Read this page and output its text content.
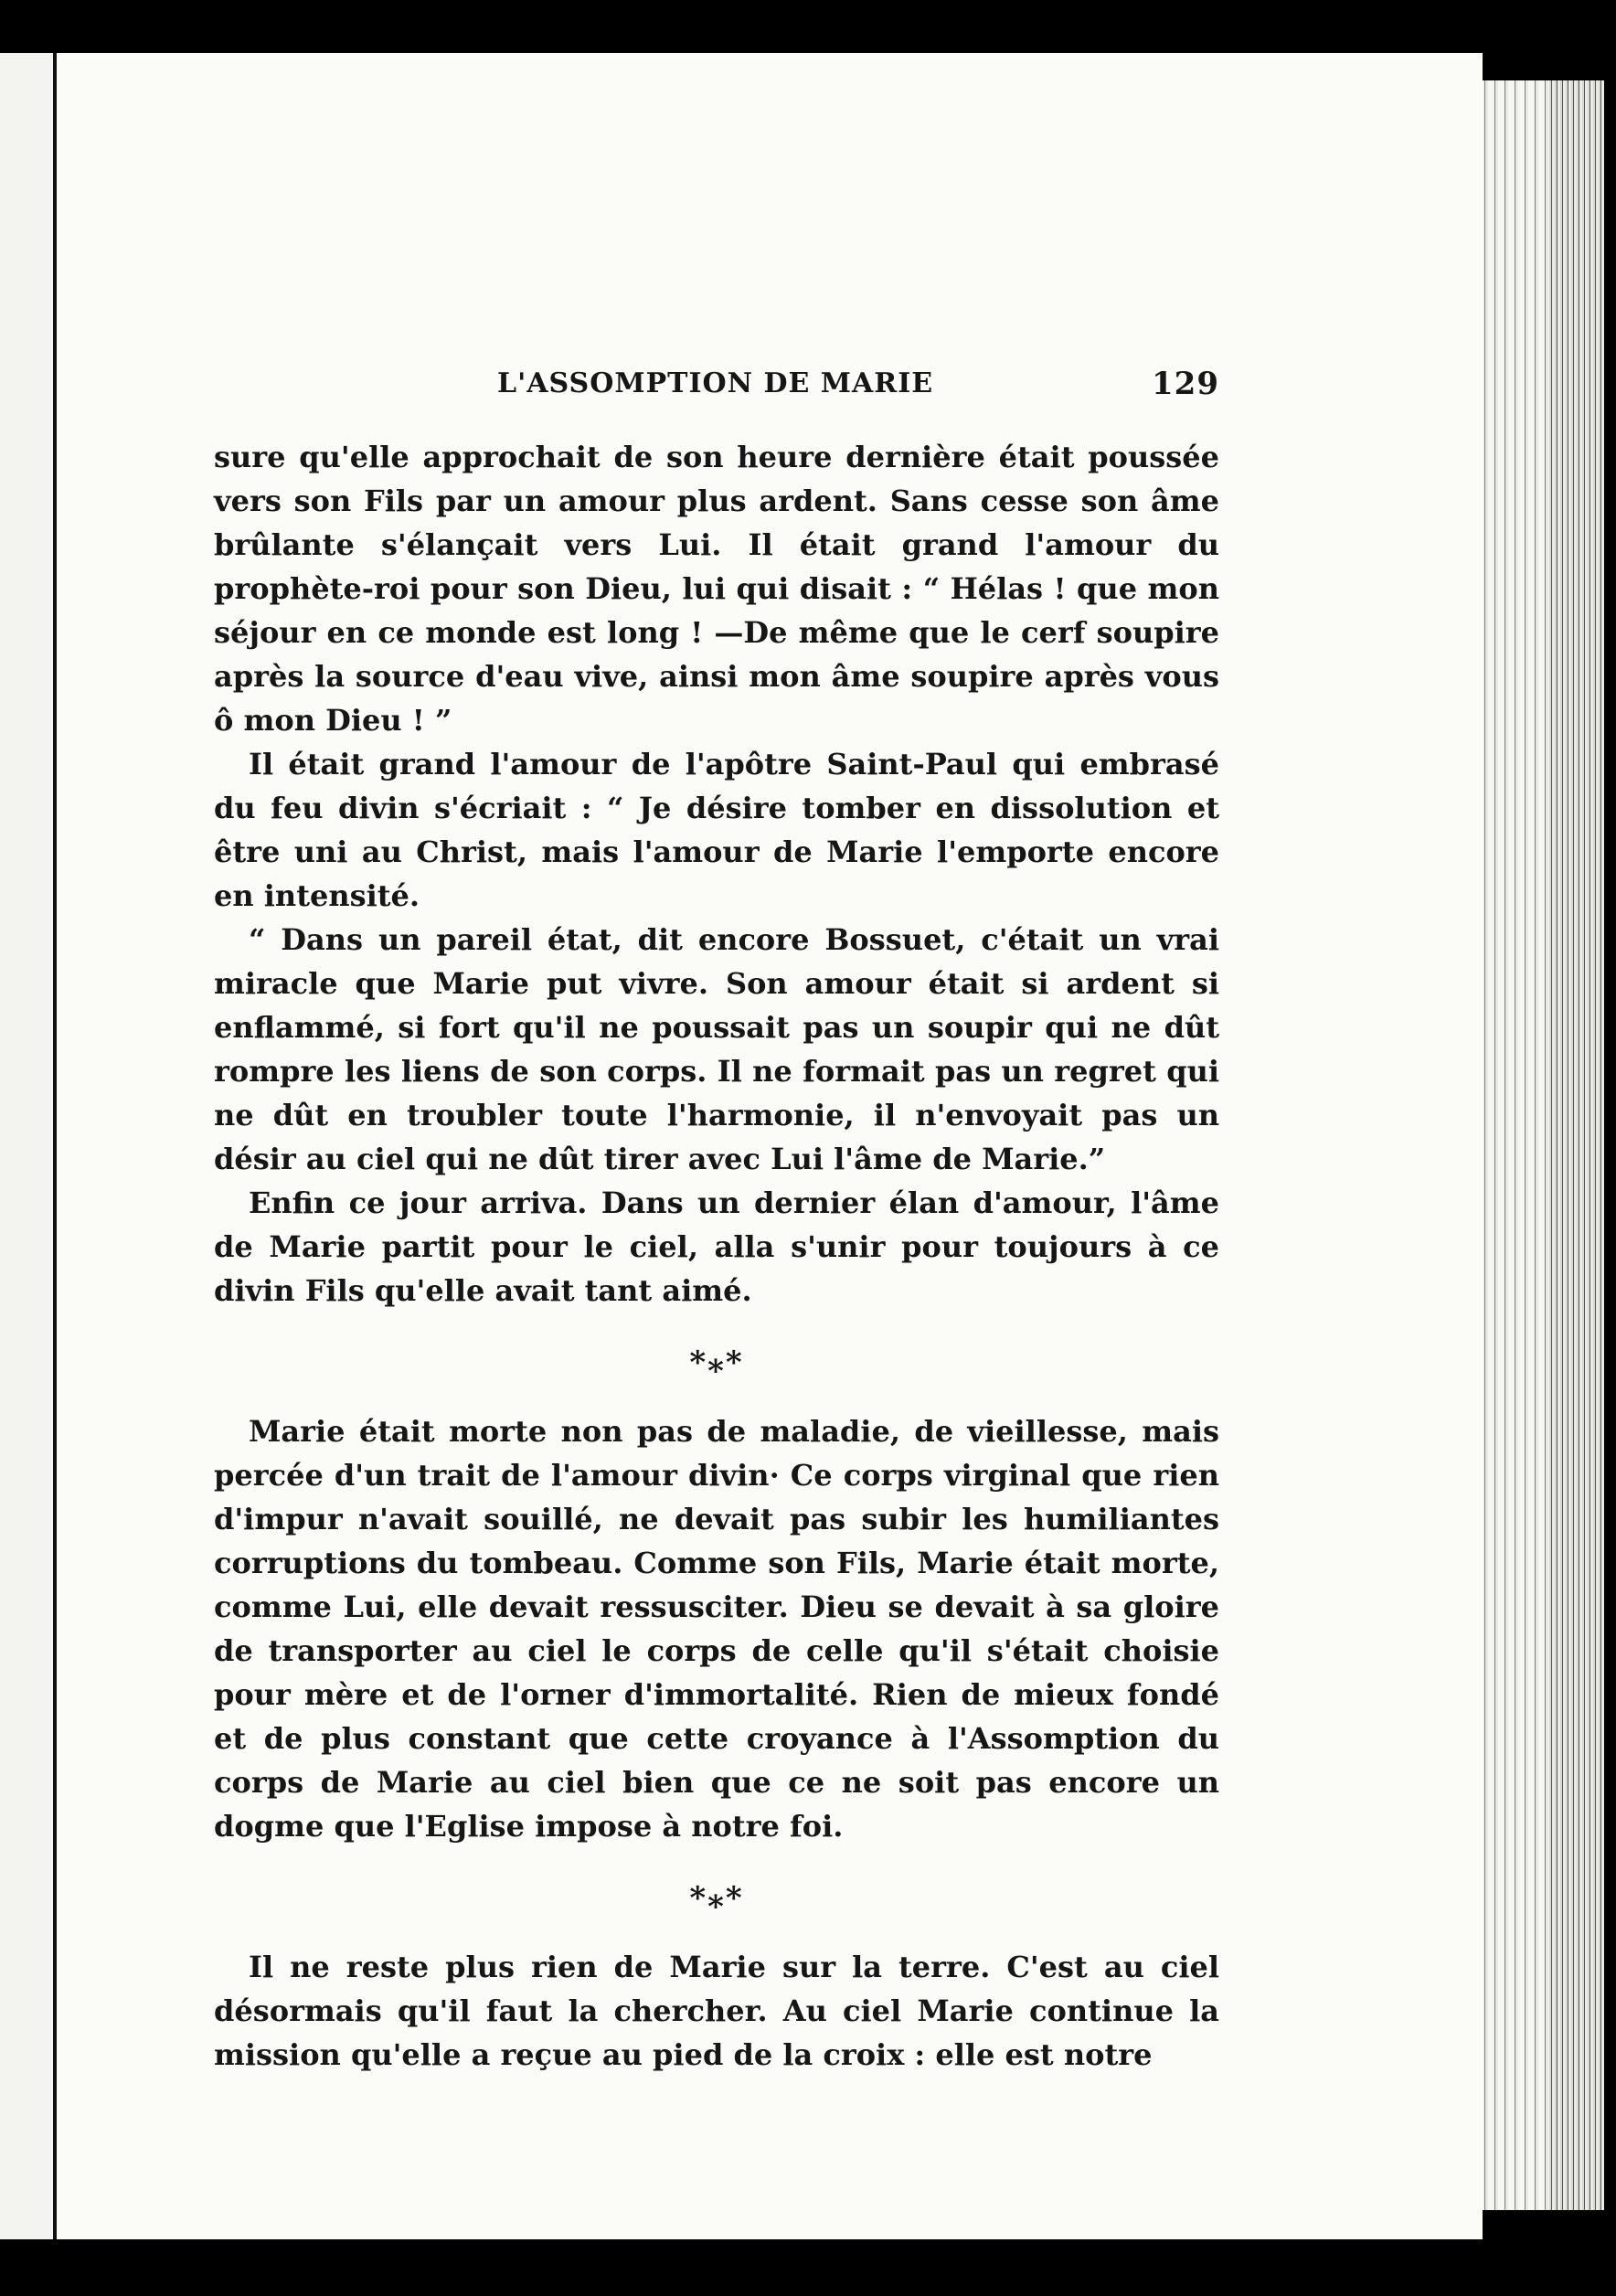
L'ASSOMPTION DE MARIE	129

sure qu'elle approchait de son heure dernière était poussée vers son Fils par un amour plus ardent. Sans cesse son âme brûlante s'élançait vers Lui. Il était grand l'amour du prophète-roi pour son Dieu, lui qui disait : “ Hélas ! que mon séjour en ce monde est long ! —De même que le cerf soupire après la source d'eau vive, ainsi mon âme soupire après vous ô mon Dieu ! ”

Il était grand l'amour de l'apôtre Saint-Paul qui embrasé du feu divin s'écriait : “ Je désire tomber en dissolution et être uni au Christ, mais l'amour de Marie l'emporte encore en intensité.

“ Dans un pareil état, dit encore Bossuet, c'était un vrai miracle que Marie put vivre. Son amour était si ardent si enflammé, si fort qu'il ne poussait pas un soupir qui ne dût rompre les liens de son corps. Il ne formait pas un regret qui ne dût en troubler toute l'harmonie, il n'envoyait pas un désir au ciel qui ne dût tirer avec Lui l'âme de Marie.”

Enfin ce jour arriva. Dans un dernier élan d'amour, l'âme de Marie partit pour le ciel, alla s'unir pour toujours à ce divin Fils qu'elle avait tant aimé.

*⁎*

Marie était morte non pas de maladie, de vieillesse, mais percée d'un trait de l'amour divin· Ce corps virginal que rien d'impur n'avait souillé, ne devait pas subir les humiliantes corruptions du tombeau. Comme son Fils, Marie était morte, comme Lui, elle devait ressusciter. Dieu se devait à sa gloire de transporter au ciel le corps de celle qu'il s'était choisie pour mère et de l'orner d'immortalité. Rien de mieux fondé et de plus constant que cette croyance à l'Assomption du corps de Marie au ciel bien que ce ne soit pas encore un dogme que l'Eglise impose à notre foi.

*⁎*

Il ne reste plus rien de Marie sur la terre. C'est au ciel désormais qu'il faut la chercher. Au ciel Marie continue la mission qu'elle a reçue au pied de la croix : elle est notre
